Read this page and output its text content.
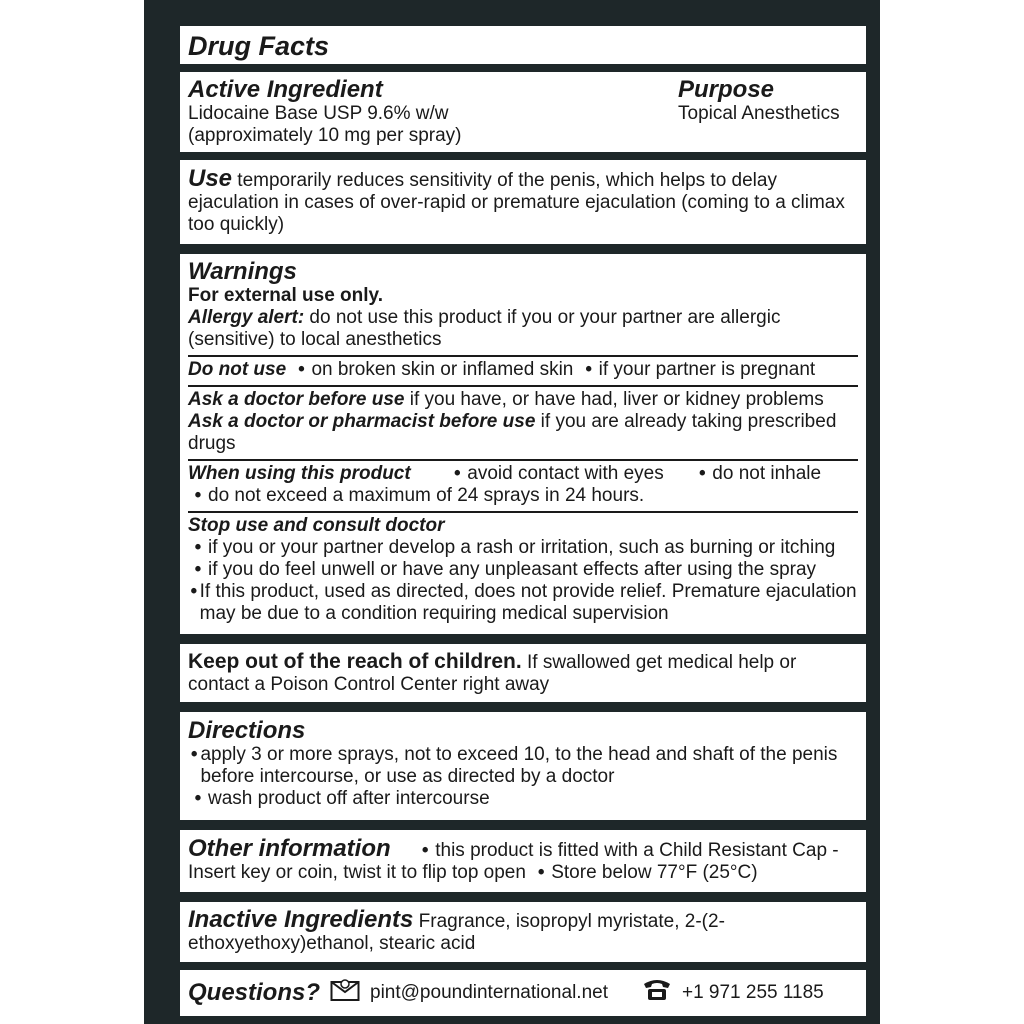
Drug Facts
Active Ingredient
Lidocaine Base USP 9.6% w/w
(approximately 10 mg per spray)
Purpose
Topical Anesthetics
Use temporarily reduces sensitivity of the penis, which helps to delay ejaculation in cases of over-rapid or premature ejaculation (coming to a climax too quickly)
Warnings
For external use only.
Allergy alert: do not use this product if you or your partner are allergic (sensitive) to local anesthetics
Do not use • on broken skin or inflamed skin • if your partner is pregnant
Ask a doctor before use if you have, or have had, liver or kidney problems
Ask a doctor or pharmacist before use if you are already taking prescribed drugs
When using this product • avoid contact with eyes • do not inhale
• do not exceed a maximum of 24 sprays in 24 hours.
Stop use and consult doctor
• if you or your partner develop a rash or irritation, such as burning or itching
• if you do feel unwell or have any unpleasant effects after using the spray
• If this product, used as directed, does not provide relief. Premature ejaculation may be due to a condition requiring medical supervision
Keep out of the reach of children. If swallowed get medical help or contact a Poison Control Center right away
Directions
• apply 3 or more sprays, not to exceed 10, to the head and shaft of the penis before intercourse, or use as directed by a doctor
• wash product off after intercourse
Other information • this product is fitted with a Child Resistant Cap - Insert key or coin, twist it to flip top open • Store below 77°F (25°C)
Inactive Ingredients Fragrance, isopropyl myristate, 2-(2-ethoxyethoxy)ethanol, stearic acid
Questions?	pint@poundinternational.net	+1 971 255 1185
